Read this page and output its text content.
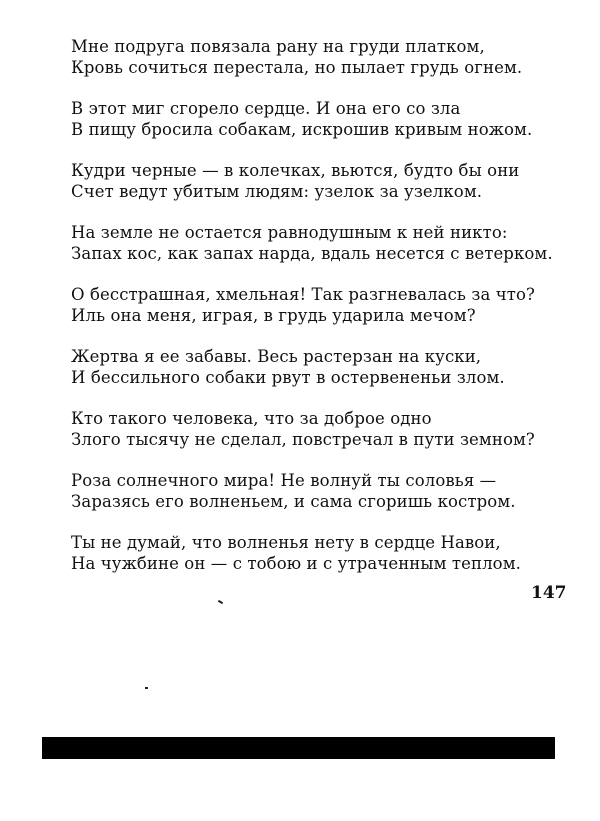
Мне подруга повязала рану на груди платком,
Кровь сочиться перестала, но пылает грудь огнем.
В этот миг сгорело сердце. И она его со зла
В пищу бросила собакам, искрошив кривым ножом.
Кудри черные — в колечках, вьются, будто бы они
Счет ведут убитым людям: узелок за узелком.
На земле не остается равнодушным к ней никто:
Запах кос, как запах нарда, вдаль несется с ветерком.
О бесстрашная, хмельная! Так разгневалась за что?
Иль она меня, играя, в грудь ударила мечом?
Жертва я ее забавы. Весь растерзан на куски,
И бессильного собаки рвут в остервененьи злом.
Кто такого человека, что за доброе одно
Злого тысячу не сделал, повстречал в пути земном?
Роза солнечного мира! Не волнуй ты соловья —
Заразясь его волненьем, и сама сгоришь костром.
Ты не думай, что волненья нету в сердце Навои,
На чужбине он — с тобою и с утраченным теплом.
147
